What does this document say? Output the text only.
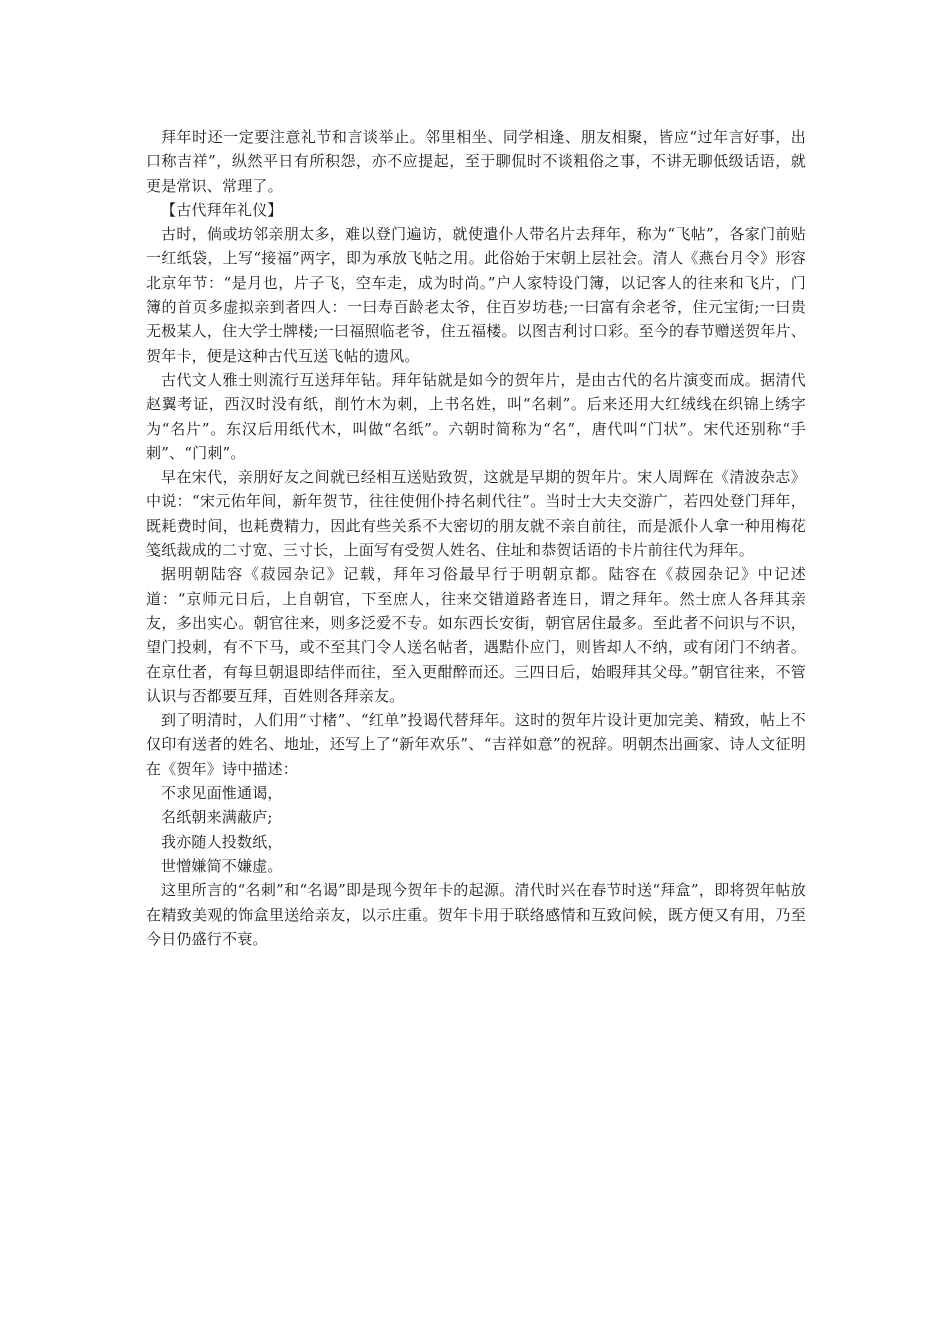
拜年时还一定要注意礼节和言谈举止。邻里相坐、同学相逢、朋友相聚，皆应“过年言好事，出口称吉祥”，纵然平日有所积怨，亦不应提起，至于聊侃时不谈粗俗之事，不讲无聊低级话语，就更是常识、常理了。

【古代拜年礼仪】

古时，倘或坊邻亲朋太多，难以登门遍访，就使遣仆人带名片去拜年，称为“飞帖”，各家门前贴一红纸袋，上写“接福”两字，即为承放飞帖之用。此俗始于宋朝上层社会。清人《燕台月令》形容北京年节：“是月也，片子飞，空车走，成为时尚。”户人家特设门簿，以记客人的往来和飞片，门簿的首页多虚拟亲到者四人：一曰寿百龄老太爷，住百岁坊巷;一曰富有余老爷，住元宝街;一曰贵无极某人，住大学士牌楼;一曰福照临老爷，住五福楼。以图吉利讨口彩。至今的春节赠送贺年片、贺年卡，便是这种古代互送飞帖的遗风。

古代文人雅士则流行互送拜年钻。拜年钻就是如今的贺年片，是由古代的名片演变而成。据清代赵翼考证，西汉时没有纸，削竹木为刺，上书名姓，叫“名刺”。后来还用大红绒线在织锦上绣字为“名片”。东汉后用纸代木，叫做“名纸”。六朝时简称为“名”，唐代叫“门状”。宋代还别称“手刺”、“门刺”。

早在宋代，亲朋好友之间就已经相互送贴致贺，这就是早期的贺年片。宋人周辉在《清波杂志》中说：“宋元佑年间，新年贺节，往往使佣仆持名刺代往”。当时士大夫交游广，若四处登门拜年，既耗费时间，也耗费精力，因此有些关系不大密切的朋友就不亲自前往，而是派仆人拿一种用梅花笺纸裁成的二寸宽、三寸长，上面写有受贺人姓名、住址和恭贺话语的卡片前往代为拜年。

据明朝陆容《菽园杂记》记载，拜年习俗最早行于明朝京都。陆容在《菽园杂记》中记述道：“京师元日后，上自朝官，下至庶人，往来交错道路者连日，谓之拜年。然士庶人各拜其亲友，多出实心。朝官往来，则多泛爱不专。如东西长安街，朝官居住最多。至此者不问识与不识，望门投刺，有不下马，或不至其门令人送名帖者，遇黠仆应门，则皆却人不纳，或有闭门不纳者。在京仕者，有每旦朝退即结伴而往，至入更酣醉而还。三四日后，始暇拜其父母。”朝官往来，不管认识与否都要互拜，百姓则各拜亲友。

到了明清时，人们用“寸楮”、“红单”投谒代替拜年。这时的贺年片设计更加完美、精致，帖上不仅印有送者的姓名、地址，还写上了“新年欢乐”、“吉祥如意”的祝辞。明朝杰出画家、诗人文征明在《贺年》诗中描述：

不求见面惟通谒，

名纸朝来满蔽庐;

我亦随人投数纸，

世憎嫌简不嫌虚。

这里所言的“名刺”和“名谒”即是现今贺年卡的起源。清代时兴在春节时送“拜盒”，即将贺年帖放在精致美观的饰盒里送给亲友，以示庄重。贺年卡用于联络感情和互致问候，既方便又有用，乃至今日仍盛行不衰。
